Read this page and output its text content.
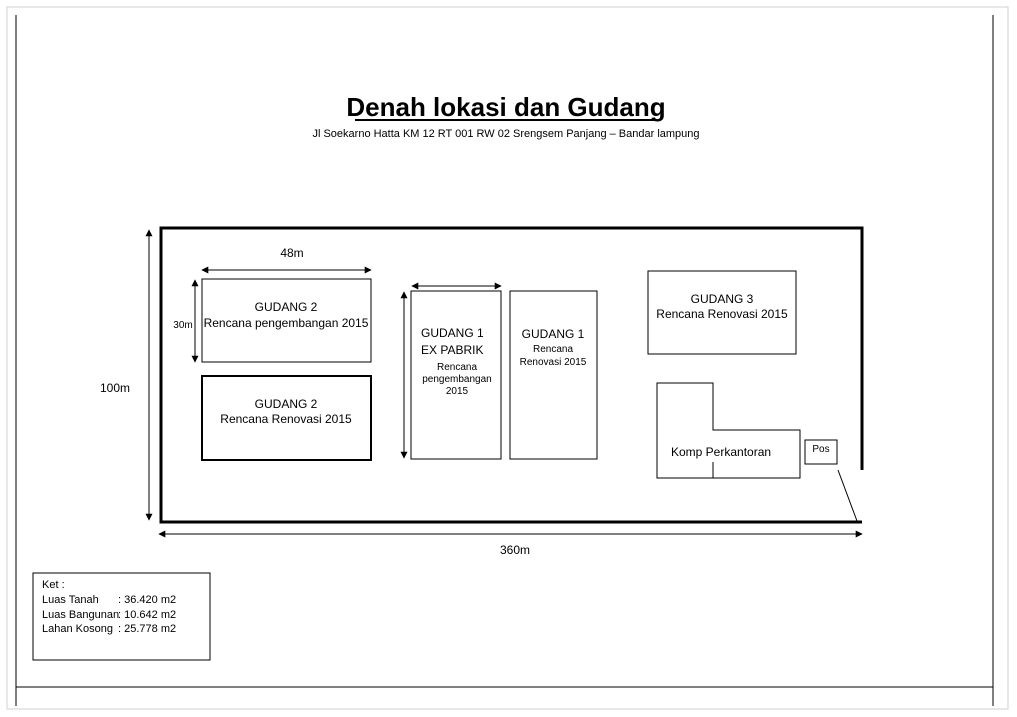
Denah lokasi dan Gudang
Jl Soekarno Hatta KM 12 RT 001 RW 02 Srengsem Panjang – Bandar lampung
100m
360m
48m
30m
GUDANG 2
Rencana pengembangan 2015
GUDANG 2
Rencana Renovasi 2015
GUDANG 1
EX PABRIK
Rencana
pengembangan
2015
GUDANG 1
Rencana
Renovasi 2015
GUDANG 3
Rencana Renovasi 2015
Komp Perkantoran	Pos
Ket :
Luas Tanah : 36.420 m2
Luas Bangunan
: 10.642 m2
Lahan Kosong : 25.778 m2
